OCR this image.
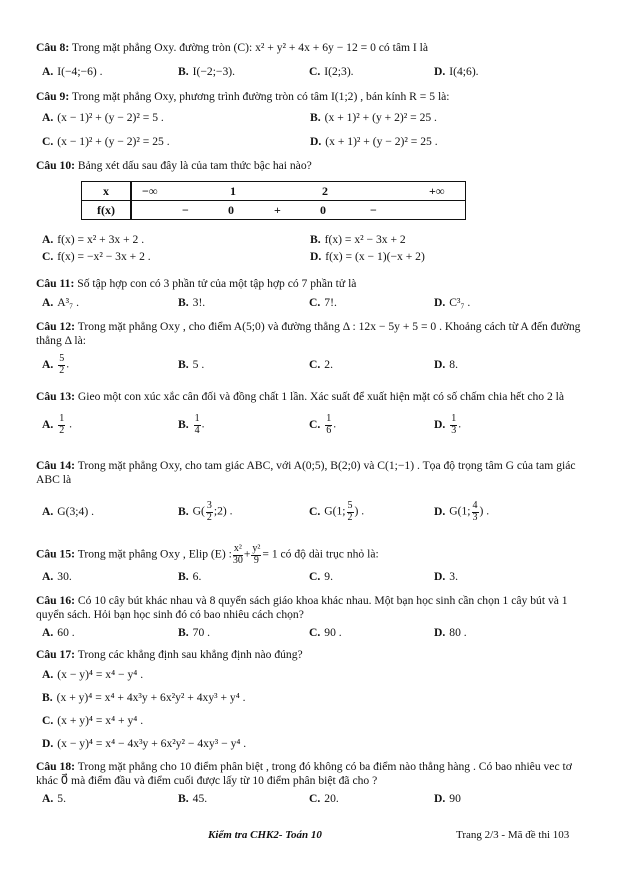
Câu 8: Trong mặt phẳng Oxy. đường tròn (C): x² + y² + 4x + 6y − 12 = 0 có tâm I là

A. I(−4;−6) .	B. I(−2;−3).	C. I(2;3).	D. I(4;6).

Câu 9: Trong mặt phẳng Oxy, phương trình đường tròn có tâm I(1;2) , bán kính R = 5 là:

A. (x − 1)² + (y − 2)² = 5 .	B. (x + 1)² + (y + 2)² = 25 .
C. (x − 1)² + (y − 2)² = 25 .	D. (x + 1)² + (y − 2)² = 25 .

Câu 10: Bảng xét dấu sau đây là của tam thức bậc hai nào?

x	−∞ 1 2 +∞

f(x)	− 0 + 0 −
A. f(x) = x² + 3x + 2 .	B. f(x) = x² − 3x + 2
C. f(x) = −x² − 3x + 2 .	D. f(x) = (x − 1)(−x + 2)

Câu 11: Số tập hợp con có 3 phần tử của một tập hợp có 7 phần tử là

A. A³₇ .	B. 3!.	C. 7!.	D. C³₇ .

Câu 12: Trong mặt phẳng Oxy , cho điểm A(5;0) và đường thẳng Δ : 12x − 5y + 5 = 0 . Khoảng cách từ A đến đường thẳng Δ là:

A. $\frac{5}{2}$ .	B. 5 .	C. 2.	D. 8.

Câu 13: Gieo một con xúc xắc cân đối và đồng chất 1 lần. Xác suất để xuất hiện mặt có số chấm chia hết cho 2 là

A. $\frac{1}{2}$ .	B. $\frac{1}{4}$ .	C. $\frac{1}{6}$ .	D. $\frac{1}{3}$ .

Câu 14: Trong mặt phẳng Oxy, cho tam giác ABC, với A(0;5), B(2;0) và C(1;−1) . Tọa độ trọng tâm G của tam giác ABC là

A. G(3;4) .	B. $G( \frac{3}{2}$ ;2) .	C. G(1; $\frac{5}{2}$ ) .	D. G(1; $\frac{4}{3}$ ) .

Câu 15: Trong mặt phẳng Oxy , Elip (E) : $\frac{\text{x²}}{30} + \frac{\text{y²}}{9} = 1$ có độ dài trục nhỏ là:

A. 30.	B. 6.	C. 9.	D. 3.

Câu 16: Có 10 cây bút khác nhau và 8 quyển sách giáo khoa khác nhau. Một bạn học sinh cần chọn 1 cây bút và 1 quyển sách. Hỏi bạn học sinh đó có bao nhiêu cách chọn?

A. 60 .	B. 70 .	C. 90 .	D. 80 .

Câu 17: Trong các khẳng định sau khẳng định nào đúng?

A. (x − y)⁴ = x⁴ − y⁴ .
B. (x + y)⁴ = x⁴ + 4x³y + 6x²y² + 4xy³ + y⁴ .
C. (x + y)⁴ = x⁴ + y⁴ .
D. (x − y)⁴ = x⁴ − 4x³y + 6x²y² − 4xy³ − y⁴ .

Câu 18: Trong mặt phẳng cho 10 điểm phân biệt , trong đó không có ba điểm nào thẳng hàng . Có bao nhiêu vec tơ khác 0⃗ mà điểm đầu và điểm cuối được lấy từ 10 điểm phân biệt đã cho ?

A. 5.	B. 45.	C. 20.	D. 90
Kiểm tra CHK2- Toán 10	Trang 2/3 - Mã đề thi 103
